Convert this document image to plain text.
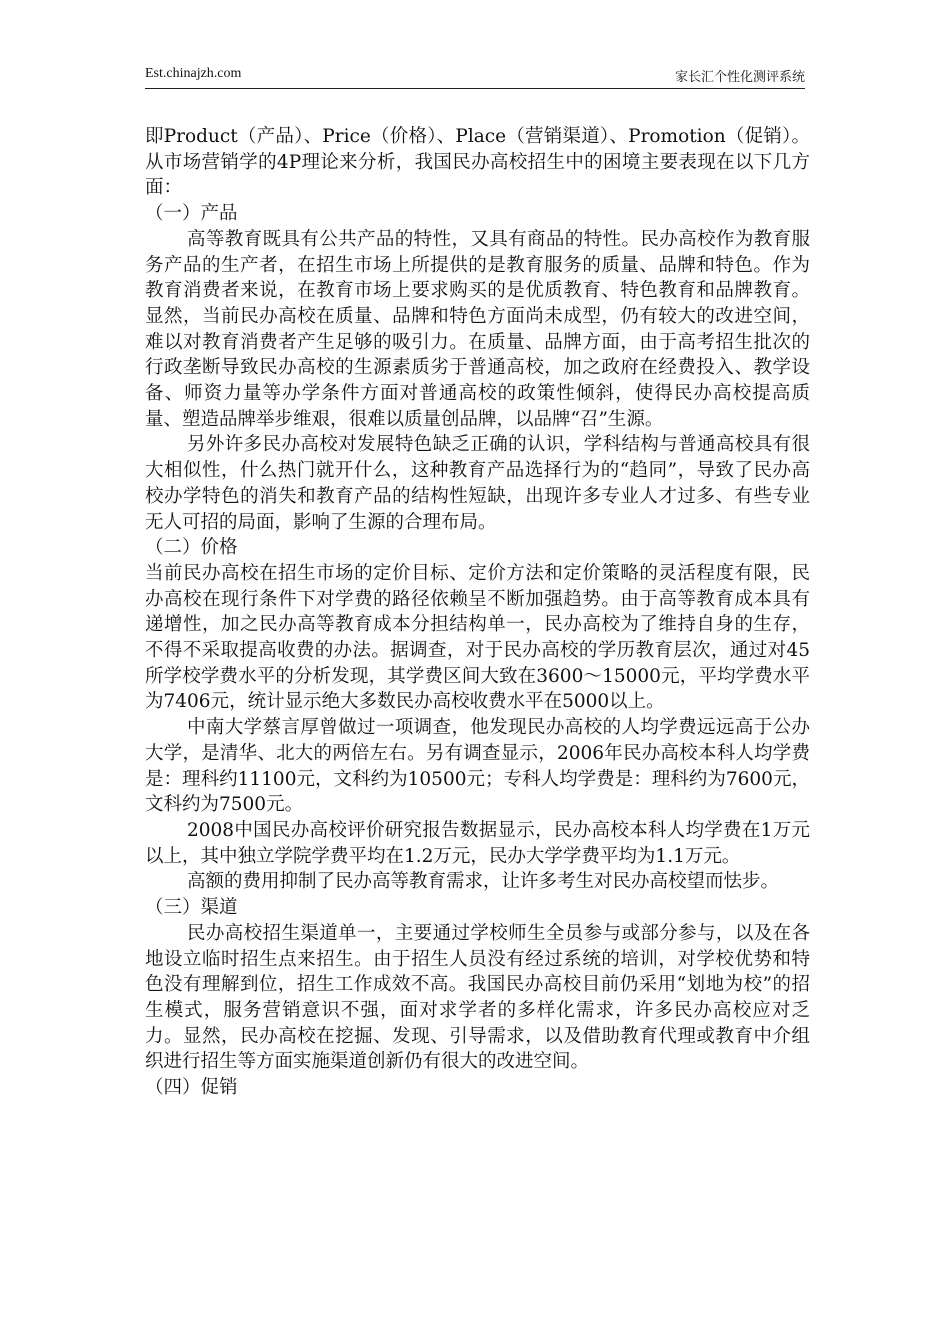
Est.chinajzh.com	家长汇个性化测评系统

即Product（产品）、Price（价格）、Place（营销渠道）、Promotion（促销）。从市场营销学的4P理论来分析，我国民办高校招生中的困境主要表现在以下几方面：

（一）产品

高等教育既具有公共产品的特性，又具有商品的特性。民办高校作为教育服务产品的生产者，在招生市场上所提供的是教育服务的质量、品牌和特色。作为教育消费者来说，在教育市场上要求购买的是优质教育、特色教育和品牌教育。显然，当前民办高校在质量、品牌和特色方面尚未成型，仍有较大的改进空间，难以对教育消费者产生足够的吸引力。在质量、品牌方面，由于高考招生批次的行政垄断导致民办高校的生源素质劣于普通高校，加之政府在经费投入、教学设备、师资力量等办学条件方面对普通高校的政策性倾斜，使得民办高校提高质量、塑造品牌举步维艰，很难以质量创品牌，以品牌“召”生源。

另外许多民办高校对发展特色缺乏正确的认识，学科结构与普通高校具有很大相似性，什么热门就开什么，这种教育产品选择行为的“趋同”，导致了民办高校办学特色的消失和教育产品的结构性短缺，出现许多专业人才过多、有些专业无人可招的局面，影响了生源的合理布局。

（二）价格

当前民办高校在招生市场的定价目标、定价方法和定价策略的灵活程度有限，民办高校在现行条件下对学费的路径依赖呈不断加强趋势。由于高等教育成本具有递增性，加之民办高等教育成本分担结构单一，民办高校为了维持自身的生存，不得不采取提高收费的办法。据调查，对于民办高校的学历教育层次，通过对45所学校学费水平的分析发现，其学费区间大致在3600～15000元，平均学费水平为7406元，统计显示绝大多数民办高校收费水平在5000以上。

中南大学蔡言厚曾做过一项调查，他发现民办高校的人均学费远远高于公办大学，是清华、北大的两倍左右。另有调查显示，2006年民办高校本科人均学费是：理科约11100元，文科约为10500元；专科人均学费是：理科约为7600元，文科约为7500元。

2008中国民办高校评价研究报告数据显示，民办高校本科人均学费在1万元以上，其中独立学院学费平均在1.2万元，民办大学学费平均为1.1万元。

高额的费用抑制了民办高等教育需求，让许多考生对民办高校望而怯步。

（三）渠道

民办高校招生渠道单一，主要通过学校师生全员参与或部分参与，以及在各地设立临时招生点来招生。由于招生人员没有经过系统的培训，对学校优势和特色没有理解到位，招生工作成效不高。我国民办高校目前仍采用“划地为校”的招生模式，服务营销意识不强，面对求学者的多样化需求，许多民办高校应对乏力。显然，民办高校在挖掘、发现、引导需求，以及借助教育代理或教育中介组织进行招生等方面实施渠道创新仍有很大的改进空间。

（四）促销
